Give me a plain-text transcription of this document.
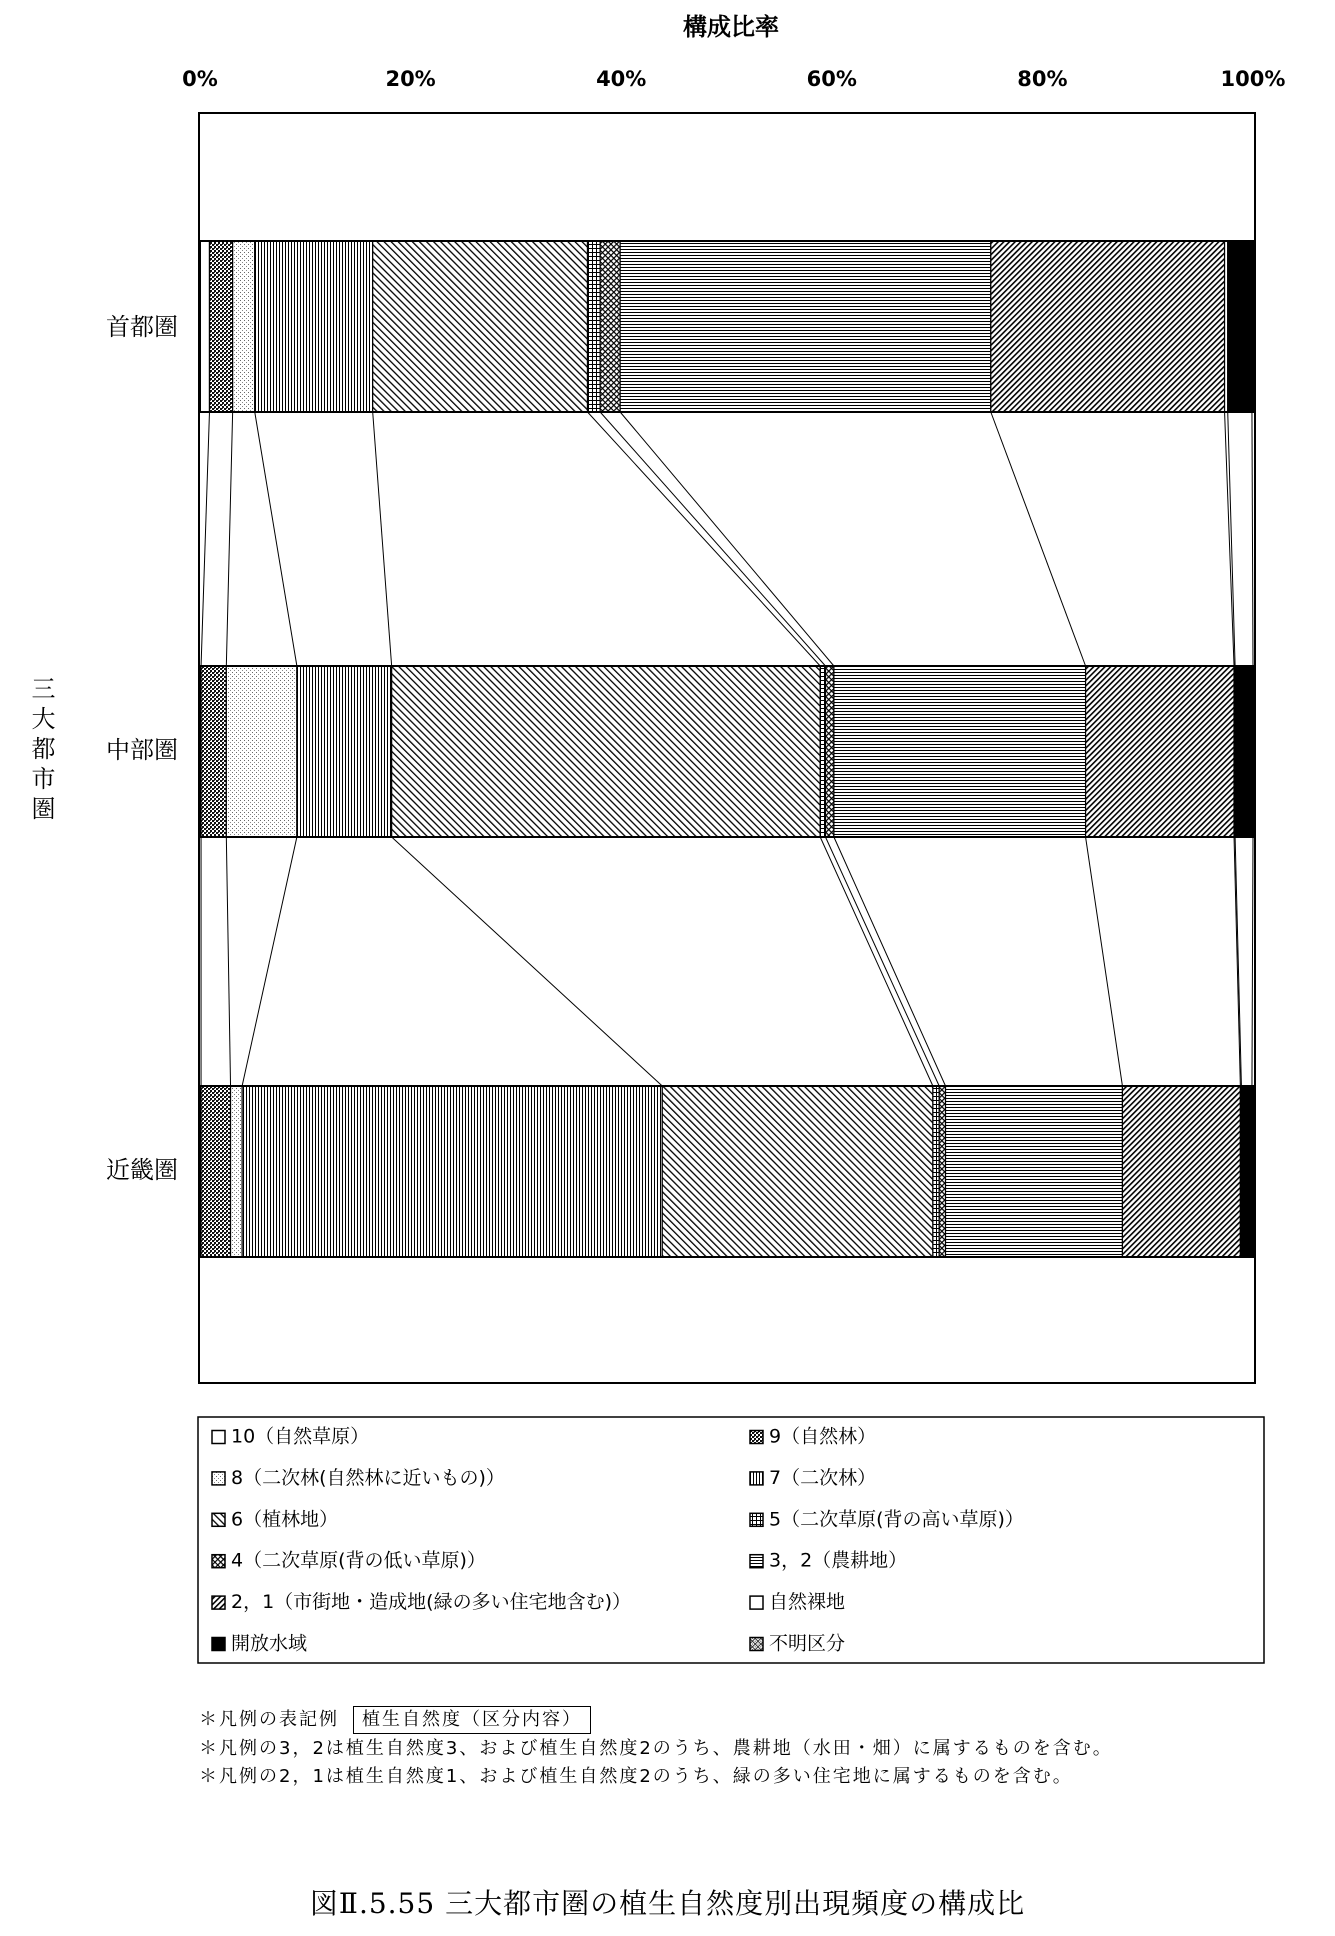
構成比率
0%	20%	40%	60%	80%	100%
首都圏
中部圏
近畿圏
10（自然草原）	9（自然林）
8（二次林(自然林に近いもの)）	7（二次林）
6（植林地）	5（二次草原(背の高い草原)）
4（二次草原(背の低い草原)）	3，2（農耕地）
2，1（市街地・造成地(緑の多い住宅地含む)）	自然裸地
開放水域	不明区分
三大都市圏
＊凡例の表記例 植生自然度（区分内容）
＊凡例の3，2は植生自然度3、および植生自然度2のうち、農耕地（水田・畑）に属するものを含む。
＊凡例の2，1は植生自然度1、および植生自然度2のうち、緑の多い住宅地に属するものを含む。
図Ⅱ.5.55 三大都市圏の植生自然度別出現頻度の構成比
